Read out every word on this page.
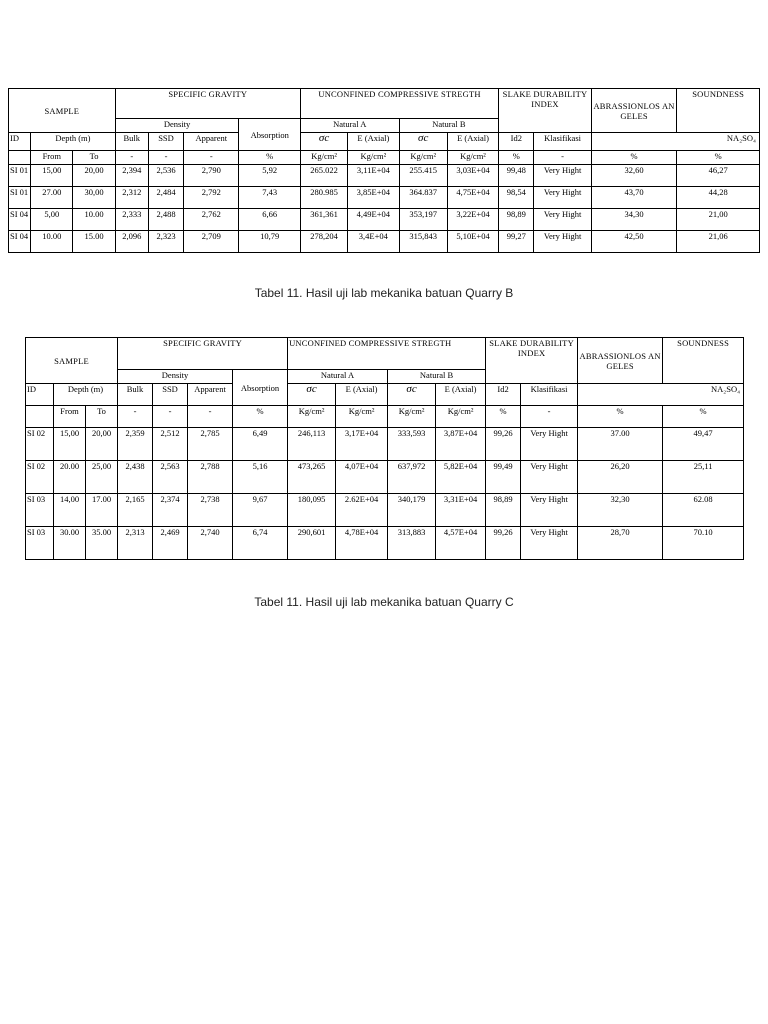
SAMPLE			SPECIFIC GRAVITY				UNCONFINED COMPRESSIVE STREGTH				SLAKE DURABILITY INDEX		ABRASSIONLOS ANGELES	SOUNDNESS
			Density			Absorption	Natural A		Natural B					
ID	Depth (m)		Bulk	SSD	Apparent		σc	E (Axial)	σc	E (Axial)	Id2	Klasifikasi	NA₂SO₄	
	From	To	-	-	-	%	Kg/cm²	Kg/cm²	Kg/cm²	Kg/cm²	%	-	%	%
SI 01	15,00	20,00	2,394	2,536	2,790	5,92	265.022	3,11E+04	255.415	3,03E+04	99,48	Very Hight	32,60	46,27
SI 01	27.00	30,00	2,312	2,484	2,792	7,43	280.985	3,85E+04	364.837	4,75E+04	98,54	Very Hight	43,70	44,28
SI 04	5,00	10.00	2,333	2,488	2,762	6,66	361,361	4,49E+04	353,197	3,22E+04	98,89	Very Hight	34,30	21,00
SI 04	10.00	15.00	2,096	2,323	2,709	10,79	278,204	3,4E+04	315,843	5,10E+04	99,27	Very Hight	42,50	21,06
Tabel 11. Hasil uji lab mekanika batuan Quarry B
SAMPLE			SPECIFIC GRAVITY				UNCONFINED COMPRESSIVE STREGTH				SLAKE DURABILITY INDEX		ABRASSIONLOS ANGELES	SOUNDNESS
			Density			Absorption	Natural A		Natural B					
ID	Depth (m)		Bulk	SSD	Apparent		σc	E (Axial)	σc	E (Axial)	Id2	Klasifikasi	NA₂SO₄	
	From	To	-	-	-	%	Kg/cm²	Kg/cm²	Kg/cm²	Kg/cm²	%	-	%	%
SI 02	15,00	20,00	2,359	2,512	2,785	6,49	246,113	3,17E+04	333,593	3,87E+04	99,26	Very Hight	37.00	49,47
SI 02	20.00	25,00	2,438	2,563	2,788	5,16	473,265	4,07E+04	637,972	5,82E+04	99,49	Very Hight	26,20	25,11
SI 03	14,00	17.00	2,165	2,374	2,738	9,67	180,095	2.62E+04	340,179	3,31E+04	98,89	Very Hight	32,30	62.08
SI 03	30.00	35.00	2,313	2,469	2,740	6,74	290,601	4,78E+04	313,883	4,57E+04	99,26	Very Hight	28,70	70.10
Tabel 11. Hasil uji lab mekanika batuan Quarry C
